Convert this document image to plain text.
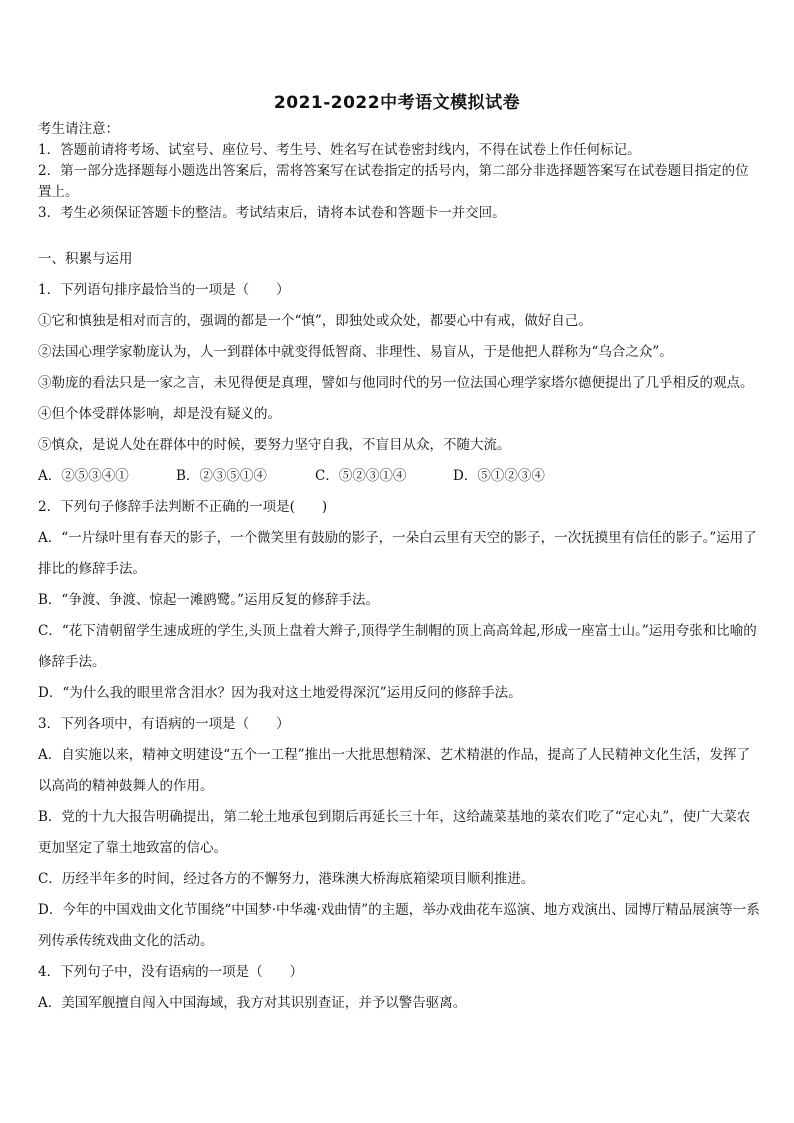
2021-2022中考语文模拟试卷
考生请注意：
1．答题前请将考场、试室号、座位号、考生号、姓名写在试卷密封线内，不得在试卷上作任何标记。
2．第一部分选择题每小题选出答案后，需将答案写在试卷指定的括号内，第二部分非选择题答案写在试卷题目指定的位置上。
3．考生必须保证答题卡的整洁。考试结束后，请将本试卷和答题卡一并交回。

一、积累与运用

1．下列语句排序最恰当的一项是（　　）

①它和慎独是相对而言的，强调的都是一个“慎”，即独处或众处，都要心中有戒，做好自己。

②法国心理学家勒庞认为，人一到群体中就变得低智商、非理性、易盲从，于是他把人群称为“乌合之众”。

③勒庞的看法只是一家之言，未见得便是真理，譬如与他同时代的另一位法国心理学家塔尔德便提出了几乎相反的观点。

④但个体受群体影响，却是没有疑义的。

⑤慎众，是说人处在群体中的时候，要努力坚守自我，不盲目从众，不随大流。

A．②⑤③④①	B．②③⑤①④	C．⑤②③①④	D．⑤①②③④

2．下列句子修辞手法判断不正确的一项是(　　)

A．“一片绿叶里有春天的影子，一个微笑里有鼓励的影子，一朵白云里有天空的影子，一次抚摸里有信任的影子。”运用了排比的修辞手法。

B．“争渡、争渡、惊起一滩鸥鹭。”运用反复的修辞手法。

C．“花下清朝留学生速成班的学生,头顶上盘着大辫子,顶得学生制帽的顶上高高耸起,形成一座富士山。”运用夸张和比喻的修辞手法。

D．“为什么我的眼里常含泪水？因为我对这土地爱得深沉”运用反问的修辞手法。

3．下列各项中，有语病的一项是（　　）

A．自实施以来，精神文明建设“五个一工程”推出一大批思想精深、艺术精湛的作品，提高了人民精神文化生活，发挥了以高尚的精神鼓舞人的作用。

B．党的十九大报告明确提出，第二轮土地承包到期后再延长三十年，这给蔬菜基地的菜农们吃了“定心丸”，使广大菜农更加坚定了靠土地致富的信心。

C．历经半年多的时间，经过各方的不懈努力，港珠澳大桥海底箱梁项目顺利推进。

D．今年的中国戏曲文化节围绕“中国梦·中华魂·戏曲情”的主题，举办戏曲花车巡演、地方戏演出、园博厅精品展演等一系列传承传统戏曲文化的活动。

4．下列句子中，没有语病的一项是（　　）

A．美国军舰擅自闯入中国海域，我方对其识别查证，并予以警告驱离。
